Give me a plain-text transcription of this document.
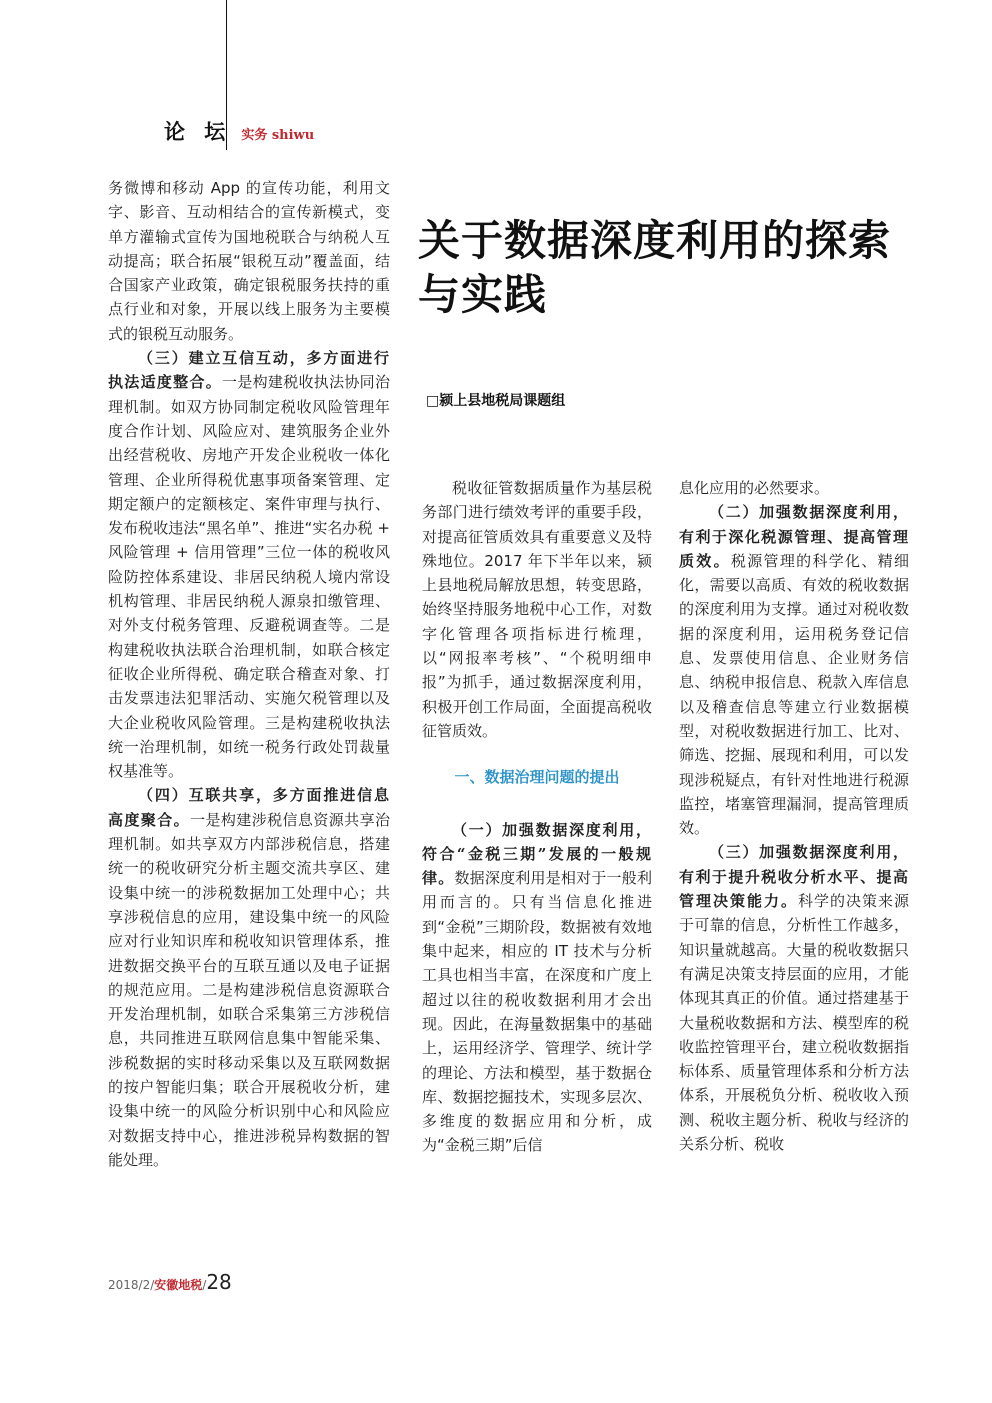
论 坛 实务 shiwu
关于数据深度利用的探索与实践
□颍上县地税局课题组

务微博和移动 App 的宣传功能，利用文字、影音、互动相结合的宣传新模式，变单方灌输式宣传为国地税联合与纳税人互动提高；联合拓展“银税互动”覆盖面，结合国家产业政策，确定银税服务扶持的重点行业和对象，开展以线上服务为主要模式的银税互动服务。

（三）建立互信互动，多方面进行执法适度整合。一是构建税收执法协同治理机制。如双方协同制定税收风险管理年度合作计划、风险应对、建筑服务企业外出经营税收、房地产开发企业税收一体化管理、企业所得税优惠事项备案管理、定期定额户的定额核定、案件审理与执行、发布税收违法“黑名单”、推进“实名办税 + 风险管理 + 信用管理”三位一体的税收风险防控体系建设、非居民纳税人境内常设机构管理、非居民纳税人源泉扣缴管理、对外支付税务管理、反避税调查等。二是构建税收执法联合治理机制，如联合核定征收企业所得税、确定联合稽查对象、打击发票违法犯罪活动、实施欠税管理以及大企业税收风险管理。三是构建税收执法统一治理机制，如统一税务行政处罚裁量权基准等。

（四）互联共享，多方面推进信息高度聚合。一是构建涉税信息资源共享治理机制。如共享双方内部涉税信息，搭建统一的税收研究分析主题交流共享区、建设集中统一的涉税数据加工处理中心；共享涉税信息的应用，建设集中统一的风险应对行业知识库和税收知识管理体系，推进数据交换平台的互联互通以及电子证据的规范应用。二是构建涉税信息资源联合开发治理机制，如联合采集第三方涉税信息，共同推进互联网信息集中智能采集、涉税数据的实时移动采集以及互联网数据的按户智能归集；联合开展税收分析，建设集中统一的风险分析识别中心和风险应对数据支持中心，推进涉税异构数据的智能处理。

税收征管数据质量作为基层税务部门进行绩效考评的重要手段，对提高征管质效具有重要意义及特殊地位。2017 年下半年以来，颍上县地税局解放思想，转变思路，始终坚持服务地税中心工作，对数字化管理各项指标进行梳理，以“网报率考核”、“个税明细申报”为抓手，通过数据深度利用，积极开创工作局面，全面提高税收征管质效。

一、数据治理问题的提出

（一）加强数据深度利用，符合“金税三期”发展的一般规律。数据深度利用是相对于一般利用而言的。只有当信息化推进到“金税”三期阶段，数据被有效地集中起来，相应的 IT 技术与分析工具也相当丰富，在深度和广度上超过以往的税收数据利用才会出现。因此，在海量数据集中的基础上，运用经济学、管理学、统计学的理论、方法和模型，基于数据仓库、数据挖掘技术，实现多层次、多维度的数据应用和分析，成为“金税三期”后信

息化应用的必然要求。

（二）加强数据深度利用，有利于深化税源管理、提高管理质效。税源管理的科学化、精细化，需要以高质、有效的税收数据的深度利用为支撑。通过对税收数据的深度利用，运用税务登记信息、发票使用信息、企业财务信息、纳税申报信息、税款入库信息以及稽查信息等建立行业数据模型，对税收数据进行加工、比对、筛选、挖掘、展现和利用，可以发现涉税疑点，有针对性地进行税源监控，堵塞管理漏洞，提高管理质效。

（三）加强数据深度利用，有利于提升税收分析水平、提高管理决策能力。科学的决策来源于可靠的信息，分析性工作越多，知识量就越高。大量的税收数据只有满足决策支持层面的应用，才能体现其真正的价值。通过搭建基于大量税收数据和方法、模型库的税收监控管理平台，建立税收数据指标体系、质量管理体系和分析方法体系，开展税负分析、税收收入预测、税收主题分析、税收与经济的关系分析、税收

2018/2/ 安徽地税 / 28
